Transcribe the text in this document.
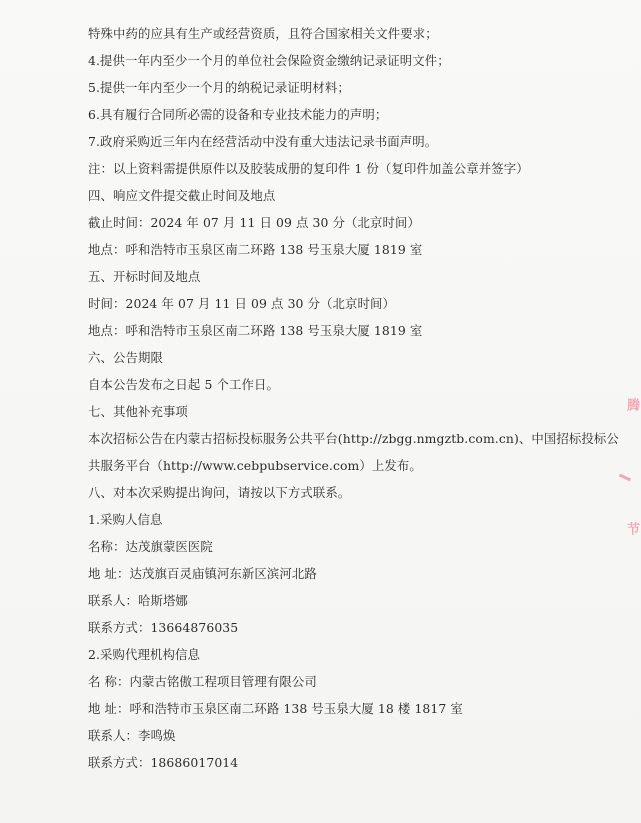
特殊中药的应具有生产或经营资质，且符合国家相关文件要求；
4.提供一年内至少一个月的单位社会保险资金缴纳记录证明文件；
5.提供一年内至少一个月的纳税记录证明材料；
6.具有履行合同所必需的设备和专业技术能力的声明；
7.政府采购近三年内在经营活动中没有重大违法记录书面声明。
注：以上资料需提供原件以及胶装成册的复印件 1 份（复印件加盖公章并签字）
四、响应文件提交截止时间及地点
截止时间：2024 年 07 月 11 日 09 点 30 分（北京时间）
地点：呼和浩特市玉泉区南二环路 138 号玉泉大厦 1819 室
五、开标时间及地点
时间：2024 年 07 月 11 日 09 点 30 分（北京时间）
地点：呼和浩特市玉泉区南二环路 138 号玉泉大厦 1819 室
六、公告期限
自本公告发布之日起 5 个工作日。
七、其他补充事项
本次招标公告在内蒙古招标投标服务公共平台(http://zbgg.nmgztb.com.cn)、中国招标投标公
共服务平台（http://www.cebpubservice.com）上发布。
八、对本次采购提出询问，请按以下方式联系。
1.采购人信息
名称：达茂旗蒙医医院
地 址：达茂旗百灵庙镇河东新区滨河北路
联系人：哈斯塔娜
联系方式：13664876035
2.采购代理机构信息
名 称：内蒙古铭傲工程项目管理有限公司
地 址：呼和浩特市玉泉区南二环路 138 号玉泉大厦 18 楼 1817 室
联系人：李鸣焕
联系方式：18686017014
腾
节
